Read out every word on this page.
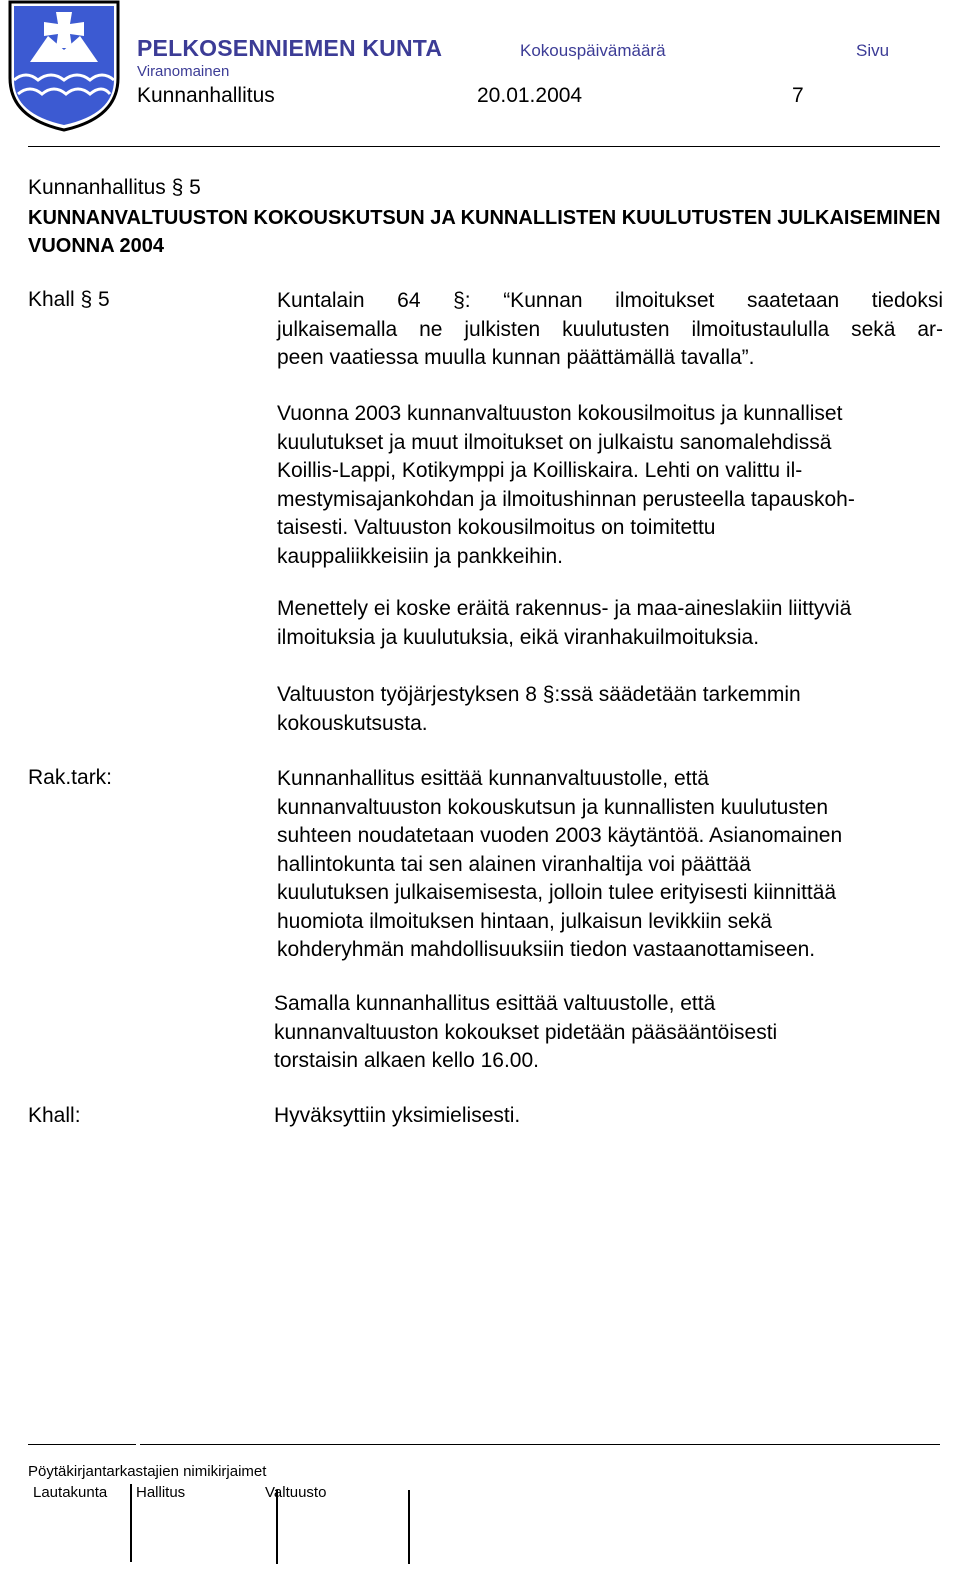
PELKOSENNIEMEN KUNTA	Kokouspäivämäärä	Sivu
Viranomainen
Kunnanhallitus	20.01.2004	7
Kunnanhallitus § 5
KUNNANVALTUUSTON KOKOUSKUTSUN JA KUNNALLISTEN KUULUTUSTEN JULKAISEMINEN VUONNA 2004
Khall § 5	Kuntalain 64 §: “Kunnan ilmoitukset saatetaan tiedoksi
julkaisemalla ne julkisten kuulutusten ilmoitustaululla sekä ar-
peen vaatiessa muulla kunnan päättämällä tavalla”.
Vuonna 2003 kunnanvaltuuston kokousilmoitus ja kunnalliset
kuulutukset ja muut ilmoitukset on julkaistu sanomalehdissä
Koillis-Lappi, Kotikymppi ja Koilliskaira. Lehti on valittu il-
mestymisajankohdan ja ilmoitushinnan perusteella tapauskoh-
taisesti. Valtuuston kokousilmoitus on toimitettu
kauppaliikkeisiin ja pankkeihin.
Menettely ei koske eräitä rakennus- ja maa-aineslakiin liittyviä
ilmoituksia ja kuulutuksia, eikä viranhakuilmoituksia.
Valtuuston työjärjestyksen 8 §:ssä säädetään tarkemmin
kokouskutsusta.
Rak.tark:	Kunnanhallitus esittää kunnanvaltuustolle, että
kunnanvaltuuston kokouskutsun ja kunnallisten kuulutusten
suhteen noudatetaan vuoden 2003 käytäntöä. Asianomainen
hallintokunta tai sen alainen viranhaltija voi päättää
kuulutuksen julkaisemisesta, jolloin tulee erityisesti kiinnittää
huomiota ilmoituksen hintaan, julkaisun levikkiin sekä
kohderyhmän mahdollisuuksiin tiedon vastaanottamiseen.
Samalla kunnanhallitus esittää valtuustolle, että
kunnanvaltuuston kokoukset pidetään pääsääntöisesti
torstaisin alkaen kello 16.00.
Khall:	Hyväksyttiin yksimielisesti.
Pöytäkirjantarkastajien nimikirjaimet
Lautakunta Hallitus	Valtuusto
